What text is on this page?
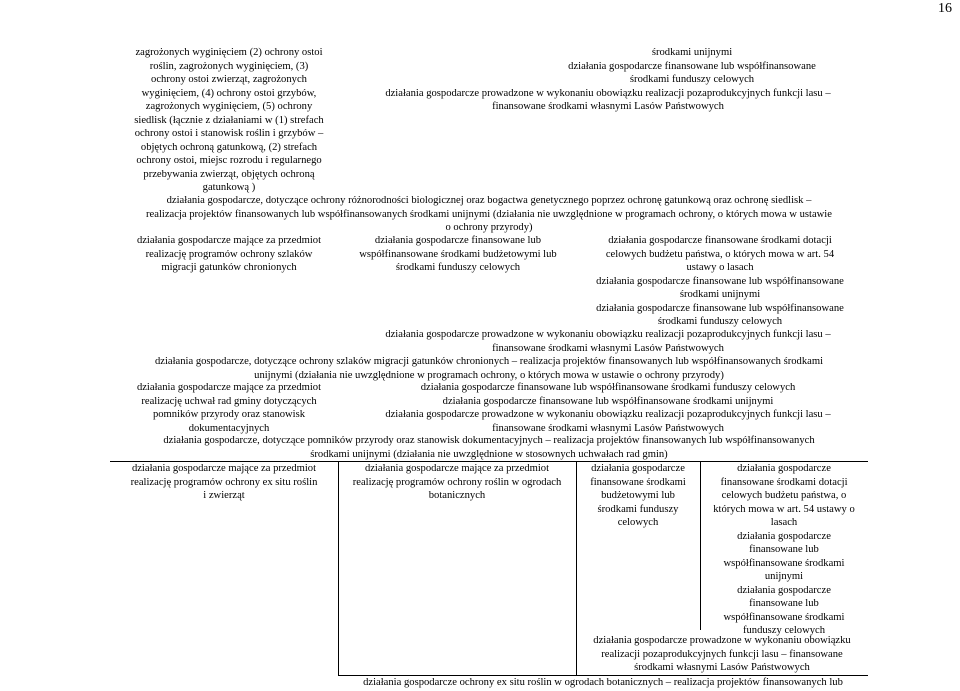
16
zagrożonych wyginięciem (2) ochrony ostoi
roślin, zagrożonych wyginięciem, (3)
ochrony ostoi zwierząt, zagrożonych
wyginięciem, (4) ochrony ostoi grzybów,
zagrożonych wyginięciem, (5) ochrony
siedlisk (łącznie z działaniami w (1) strefach
ochrony ostoi i stanowisk roślin i grzybów –
objętych ochroną gatunkową, (2) strefach
ochrony ostoi, miejsc rozrodu i regularnego
przebywania zwierząt, objętych ochroną
gatunkową )
środkami unijnymi
działania gospodarcze finansowane lub współfinansowane
środkami funduszy celowych
działania gospodarcze prowadzone w wykonaniu obowiązku realizacji pozaprodukcyjnych funkcji lasu –
finansowane środkami własnymi Lasów Państwowych
działania gospodarcze, dotyczące ochrony różnorodności biologicznej oraz bogactwa genetycznego poprzez ochronę gatunkową oraz ochronę siedlisk –
realizacja projektów finansowanych lub współfinansowanych środkami unijnymi (działania nie uwzględnione w programach ochrony, o których mowa w ustawie
o ochrony przyrody)
działania gospodarcze mające za przedmiot
realizację programów ochrony szlaków
migracji gatunków chronionych
działania gospodarcze finansowane lub
współfinansowane środkami budżetowymi lub
środkami funduszy celowych
działania gospodarcze finansowane środkami dotacji
celowych budżetu państwa, o których mowa w art. 54
ustawy o lasach
działania gospodarcze finansowane lub współfinansowane
środkami unijnymi
działania gospodarcze finansowane lub współfinansowane
środkami funduszy celowych
działania gospodarcze prowadzone w wykonaniu obowiązku realizacji pozaprodukcyjnych funkcji lasu –
finansowane środkami własnymi Lasów Państwowych
działania gospodarcze, dotyczące ochrony szlaków migracji gatunków chronionych – realizacja projektów finansowanych lub współfinansowanych środkami
unijnymi (działania nie uwzględnione w programach ochrony, o których mowa w ustawie o ochrony przyrody)
działania gospodarcze mające za przedmiot
realizację uchwał rad gminy dotyczących
pomników przyrody oraz stanowisk
dokumentacyjnych
działania gospodarcze finansowane lub współfinansowane środkami funduszy celowych
działania gospodarcze finansowane lub współfinansowane środkami unijnymi
działania gospodarcze prowadzone w wykonaniu obowiązku realizacji pozaprodukcyjnych funkcji lasu –
finansowane środkami własnymi Lasów Państwowych
działania gospodarcze, dotyczące pomników przyrody oraz stanowisk dokumentacyjnych – realizacja projektów finansowanych lub współfinansowanych
środkami unijnymi (działania nie uwzględnione w stosownych uchwałach rad gmin)
działania gospodarcze mające za przedmiot
realizację programów ochrony ex situ roślin
i zwierząt
działania gospodarcze mające za przedmiot
realizację programów ochrony roślin w ogrodach
botanicznych
działania gospodarcze
finansowane środkami
budżetowymi lub
środkami funduszy
celowych
działania gospodarcze
finansowane środkami dotacji
celowych budżetu państwa, o
których mowa w art. 54 ustawy o
lasach
działania gospodarcze
finansowane lub
współfinansowane środkami
unijnymi
działania gospodarcze
finansowane lub
współfinansowane środkami
funduszy celowych
działania gospodarcze prowadzone w wykonaniu obowiązku
realizacji pozaprodukcyjnych funkcji lasu – finansowane
środkami własnymi Lasów Państwowych
działania gospodarcze ochrony ex situ roślin w ogrodach botanicznych – realizacja projektów finansowanych lub
